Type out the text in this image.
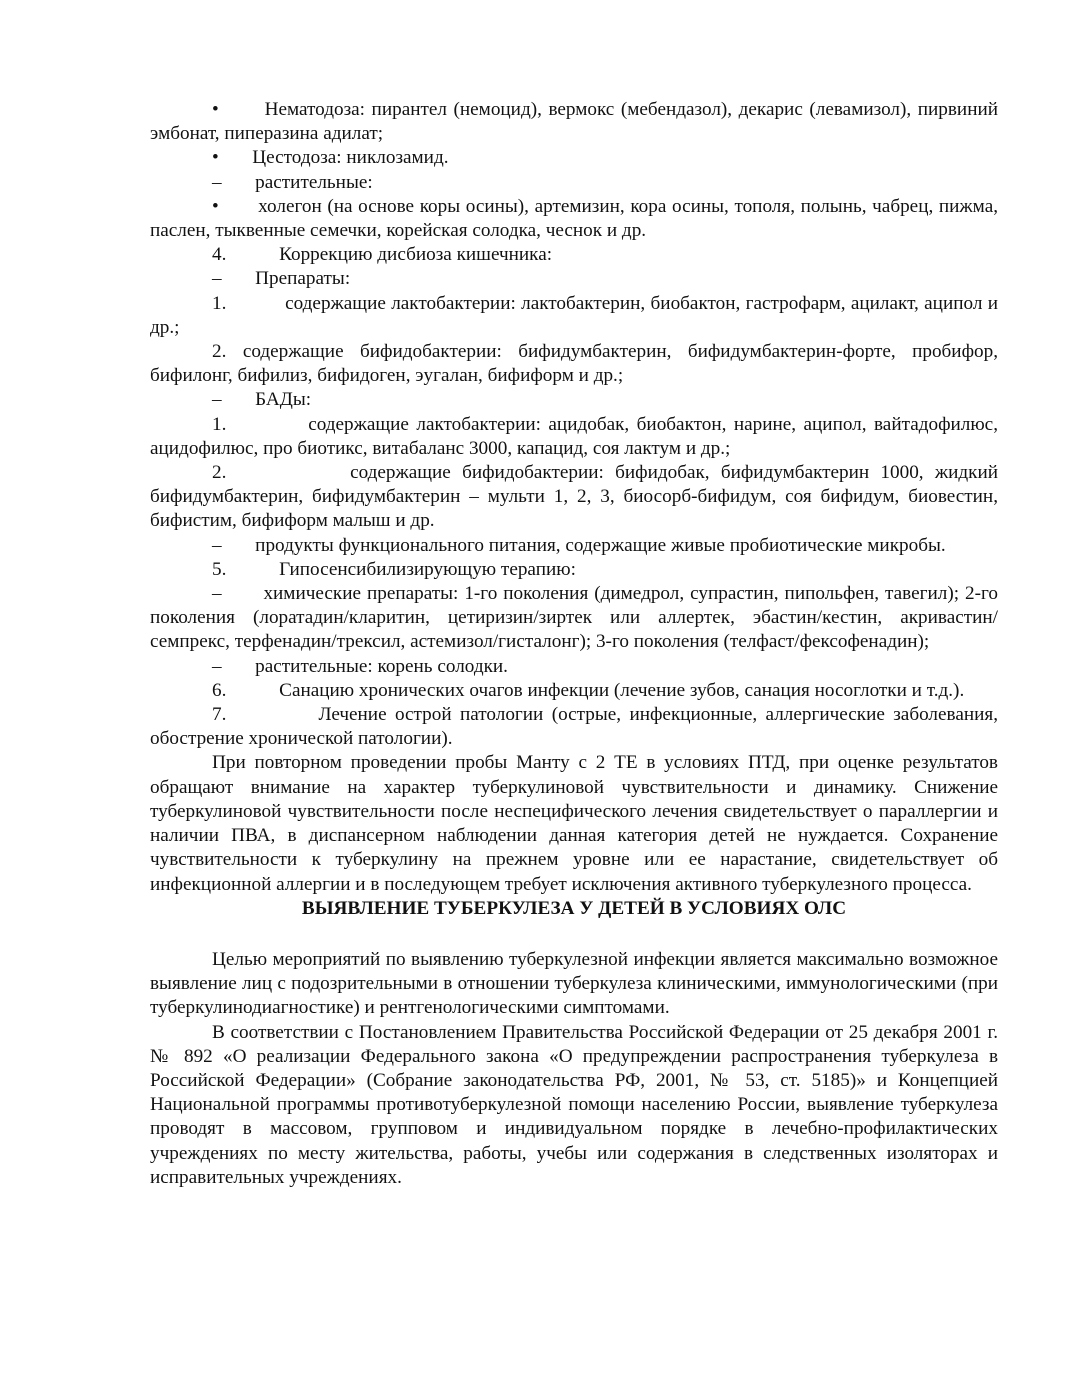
• Нематодоза: пирантел (немоцид), вермокс (мебендазол), декарис (левамизол), пирвиний эмбонат, пиперазина адилат;

• Цестодоза: никлозамид.

– растительные:

• холегон (на основе коры осины), артемизин, кора осины, тополя, полынь, чабрец, пижма, паслен, тыквенные семечки, корейская солодка, чеснок и др.

4.	Коррекцию дисбиоза кишечника:

– Препараты:

1.	содержащие лактобактерии: лактобактерин, биобактон, гастрофарм, ацилакт, аципол и др.;

2. содержащие бифидобактерии: бифидумбактерин, бифидумбактерин-форте, пробифор, бифилонг, бифилиз, бифидоген, эугалан, бифиформ и др.;

– БАДы:

1.	содержащие лактобактерии: ацидобак, биобактон, наринe, аципол, вайтадофилюс, ацидофилюс, про биотикс, витабаланс 3000, капацид, соя лактум и др.;

2.	содержащие бифидобактерии: бифидобак, бифидумбактерин 1000, жидкий бифидумбактерин, бифидумбактерин – мульти 1, 2, 3, биосорб-бифидум, соя бифидум, биовестин, бифистим, бифиформ малыш и др.

– продукты функционального питания, содержащие живые пробиотические микробы.

5.	Гипосенсибилизирующую терапию:

– химические препараты: 1-го поколения (димедрол, супрастин, пипольфен, тавегил); 2-го поколения (лоратадин/кларитин, цетиризин/зиртек или аллертек, эбастин/кестин, акривастин/семпрекс, терфенадин/трексил, астемизол/гисталонг); 3-го поколения (телфаст/фексофенадин);

– растительные: корень солодки.

6.	Санацию хронических очагов инфекции (лечение зубов, санация носоглотки и т.д.).

7.	Лечение острой патологии (острые, инфекционные, аллергические заболевания, обострение хронической патологии).

При повторном проведении пробы Манту с 2 ТЕ в условиях ПТД, при оценке результатов обращают внимание на характер туберкулиновой чувствительности и динамику. Снижение туберкулиновой чувствительности после неспецифического лечения свидетельствует о параллергии и наличии ПВА, в диспансерном наблюдении данная категория детей не нуждается. Сохранение чувствительности к туберкулину на прежнем уровне или ее нарастание, свидетельствует об инфекционной аллергии и в последующем требует исключения активного туберкулезного процесса.

ВЫЯВЛЕНИЕ ТУБЕРКУЛЕЗА У ДЕТЕЙ В УСЛОВИЯХ ОЛС

Целью мероприятий по выявлению туберкулезной инфекции является максимально возможное выявление лиц с подозрительными в отношении туберкулеза клиническими, иммунологическими (при туберкулинодиагностике) и рентгенологическими симптомами.

В соответствии с Постановлением Правительства Российской Федерации от 25 декабря 2001 г. № 892 «О реализации Федерального закона «О предупреждении распространения туберкулеза в Российской Федерации» (Собрание законодательства РФ, 2001, № 53, ст. 5185)» и Концепцией Национальной программы противотуберкулезной помощи населению России, выявление туберкулеза проводят в массовом, групповом и индивидуальном порядке в лечебно-профилактических учреждениях по месту жительства, работы, учебы или содержания в следственных изоляторах и исправительных учреждениях.
